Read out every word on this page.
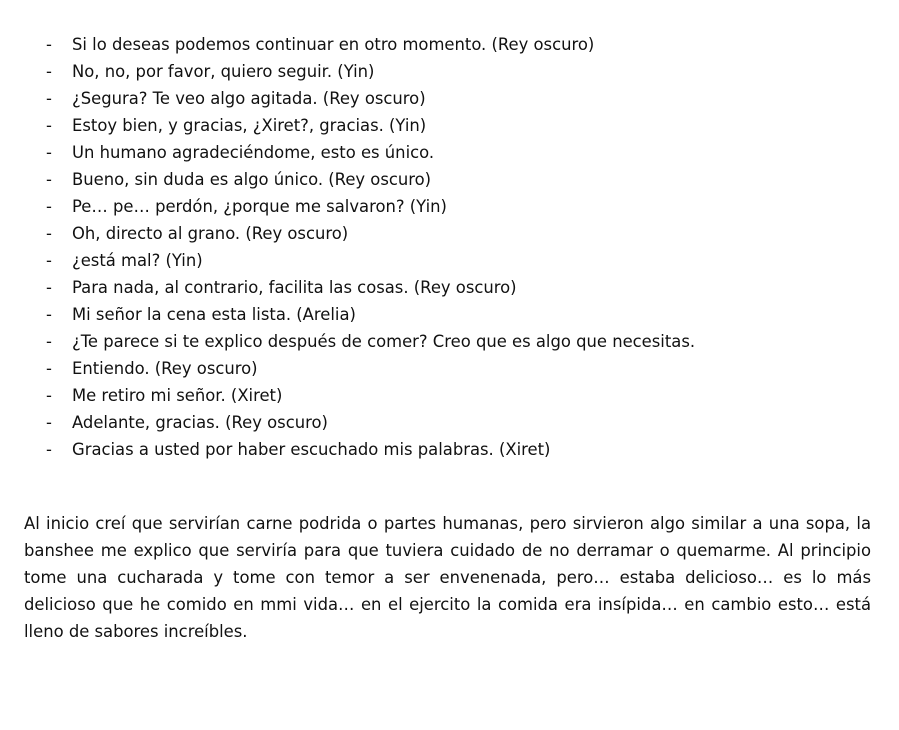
-	Si lo deseas podemos continuar en otro momento. (Rey oscuro)
-	No, no, por favor, quiero seguir. (Yin)
-	¿Segura? Te veo algo agitada. (Rey oscuro)
-	Estoy bien, y gracias, ¿Xiret?, gracias. (Yin)
-	Un humano agradeciéndome, esto es único.
-	Bueno, sin duda es algo único. (Rey oscuro)
-	Pe… pe… perdón, ¿porque me salvaron? (Yin)
-	Oh, directo al grano. (Rey oscuro)
-	¿está mal? (Yin)
-	Para nada, al contrario, facilita las cosas. (Rey oscuro)
-	Mi señor la cena esta lista. (Arelia)
-	¿Te parece si te explico después de comer? Creo que es algo que necesitas.
-	Entiendo. (Rey oscuro)
-	Me retiro mi señor. (Xiret)
-	Adelante, gracias. (Rey oscuro)
-	Gracias a usted por haber escuchado mis palabras. (Xiret)

Al inicio creí que servirían carne podrida o partes humanas, pero sirvieron algo similar a una sopa, la banshee me explico que serviría para que tuviera cuidado de no derramar o quemarme. Al principio tome una cucharada y tome con temor a ser envenenada, pero… estaba delicioso… es lo más delicioso que he comido en mmi vida… en el ejercito la comida era insípida… en cambio esto… está lleno de sabores increíbles.
